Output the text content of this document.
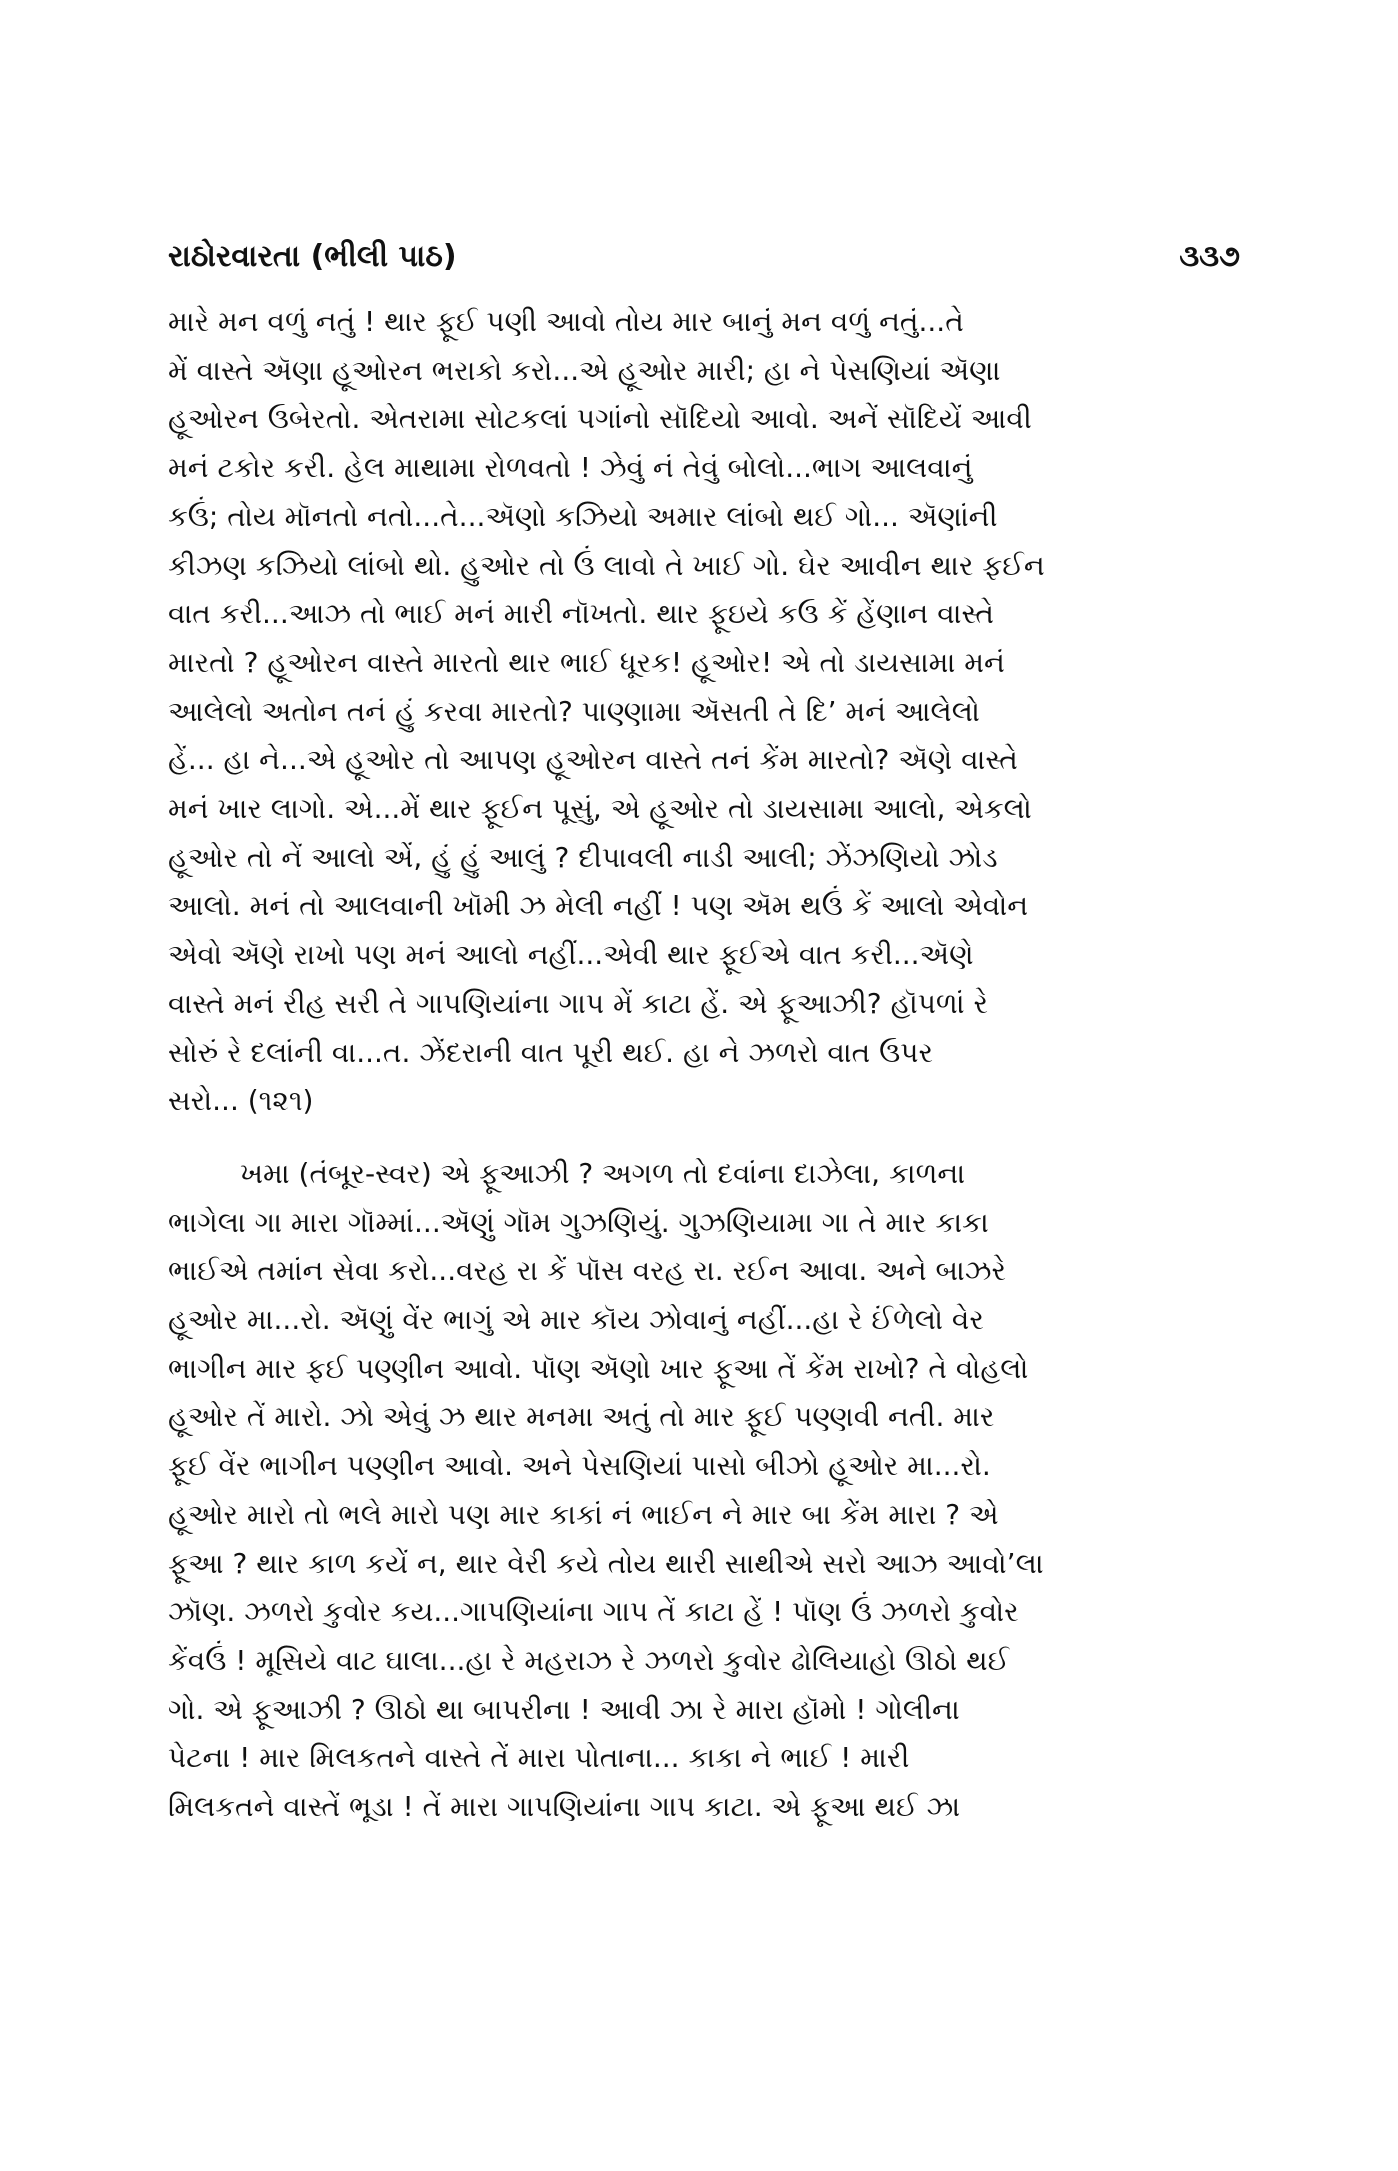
રાઠોરવારતા (ભીલી પાઠ)	૩૩૭

મારે મન વળું નતું ! થાર ફૂઈ પણી આવો તોય માર બાનું મન વળું નતું...તે
મેં વાસ્તે ઍણા હૂઓરન ભરાકો કરો...એ હૂઓર મારી; હા ને પેસણિયાં ઍણા
હૂઓરન ઉબેરતો. એતરામા સોટકલાં પગાંનો સૉદિયો આવો. અનેં સૉદિયેં આવી
મનં ટકોર કરી. હેલ માથામા રોળવતો ! ઝેવું નં તેવું બોલો...ભાગ આલવાનું
કઉં; તોય મૉનતો નતો...તે...ઍણો કઝિયો અમાર લાંબો થઈ ગો... ઍણાંની
કીઝણ કઝિયો લાંબો થો. હુઓર તો ઉં લાવો તે ખાઈ ગો. ઘેર આવીન થાર ફઈન
વાત કરી...આઝ તો ભાઈ મનં મારી નૉખતો. થાર ફૂઇયે કઉ કેં હેંણાન વાસ્તે
મારતો ? હૂઓરન વાસ્તે મારતો થાર ભાઈ ધૂરક! હૂઓર! એ તો ડાયસામા મનં
આલેલો અતોન તનં હું કરવા મારતો? પાણ્ણામા ઍસતી તે દિ’ મનં આલેલો
હેં... હા ને...એ હૂઓર તો આપણ હૂઓરન વાસ્તે તનં કેંમ મારતો? ઍણે વાસ્તે
મનં ખાર લાગો. એ...મેં થાર ફૂઈન પૂસું, એ હૂઓર તો ડાયસામા આલો, એકલો
હૂઓર તો નેં આલો એં, હું હું આલું ? દીપાવલી નાડી આલી; ઝેંઝણિયો ઝોડ
આલો. મનં તો આલવાની ખૉમી ઝ મેલી નહીં ! પણ ઍમ થઉં કેં આલો એવોન
એવો ઍણે રાખો પણ મનં આલો નહીં...એવી થાર ફૂઈએ વાત કરી...ઍણે
વાસ્તે મનં રીહ સરી તે ગાપણિયાંના ગાપ મેં કાટા હેં. એ ફૂઆઝી? હૉપળાં રે
સોરું રે દલાંની વા...ત. ઝેંદરાની વાત પૂરી થઈ. હા ને ઝળરો વાત ઉપર
સરો... (૧૨૧)

ખમા (તંબૂર-સ્વર) એ ફૂઆઝી ? અગળ તો દવાંના દાઝેલા, કાળના
ભાગેલા ગા મારા ગૉમ્માં...ઍણું ગૉમ ગુઝણિયું. ગુઝણિયામા ગા તે માર કાકા
ભાઈએ તમાંન સેવા કરો...વરહ રા કેં પૉસ વરહ રા. રઈન આવા. અને બાઝરે
હૂઓર મા...રો. ઍણું વેંર ભાગું એ માર કૉય ઝોવાનું નહીં...હા રે ઈંળેલો વેર
ભાગીન માર ફઈ પણ્ણીન આવો. પૉણ ઍણો ખાર ફૂઆ તેં કેંમ રાખો? તે વોહલો
હૂઓર તેં મારો. ઝો એવું ઝ થાર મનમા અતું તો માર ફૂઈ પણ્ણવી નતી. માર
ફૂઈ વેંર ભાગીન પણ્ણીન આવો. અને પેસણિયાં પાસો બીઝો હૂઓર મા...રો.
હૂઓર મારો તો ભલે મારો પણ માર કાકાં નં ભાઈન ને માર બા કેંમ મારા ? એ
ફૂઆ ? થાર કાળ કયેં ન, થાર વેરી કયે તોય થારી સાથીએ સરો આઝ આવો’લા
ઝૉણ. ઝળરો કુવોર કય...ગાપણિયાંના ગાપ તેં કાટા હેં ! પૉણ ઉં ઝળરો કુવોર
કેંવઉં ! મૂસિયે વાટ ઘાલા...હા રે મહરાઝ રે ઝળરો કુવોર ઢોલિયાહો ઊઠો થઈ
ગો. એ ફૂઆઝી ? ઊઠો થા બાપરીના ! આવી ઝા રે મારા હૉમો ! ગોલીના
પેટના ! માર મિલકતને વાસ્તે તેં મારા પોતાના... કાકા ને ભાઈ ! મારી
મિલકતને વાસ્તેં ભૂડા ! તેં મારા ગાપણિયાંના ગાપ કાટા. એ ફૂઆ થઈ ઝા
